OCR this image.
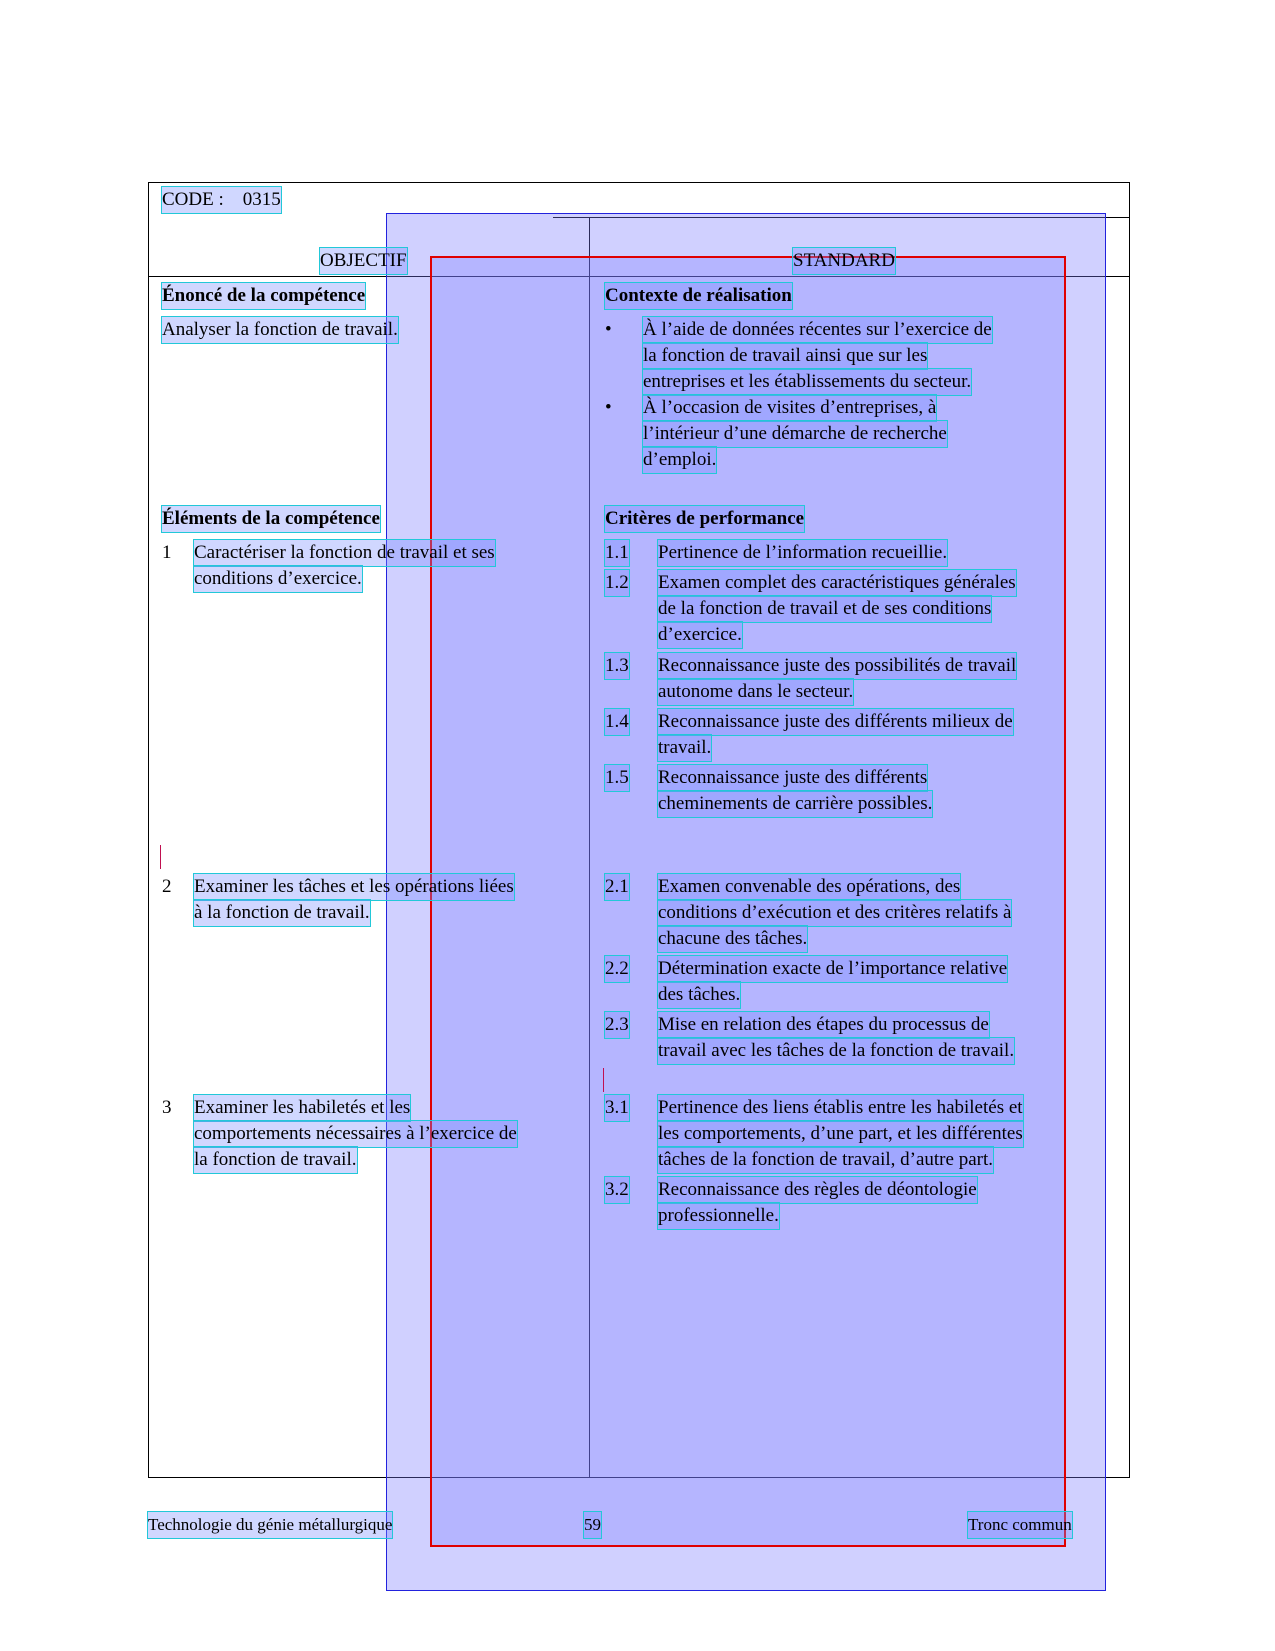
CODE : 0315
OBJECTIF	STANDARD
Énoncé de la compétence
Analyser la fonction de travail.
Éléments de la compétence
1 Caractériser la fonction de travail et ses
conditions d’exercice.
2 Examiner les tâches et les opérations liées
à la fonction de travail.
3 Examiner les habiletés et les
comportements nécessaires à l’exercice de
la fonction de travail.
Contexte de réalisation
• À l’aide de données récentes sur l’exercice de
la fonction de travail ainsi que sur les
entreprises et les établissements du secteur.
• À l’occasion de visites d’entreprises, à
l’intérieur d’une démarche de recherche
d’emploi.
Critères de performance
1.1 Pertinence de l’information recueillie.
1.2 Examen complet des caractéristiques générales
de la fonction de travail et de ses conditions
d’exercice.
1.3 Reconnaissance juste des possibilités de travail
autonome dans le secteur.
1.4 Reconnaissance juste des différents milieux de
travail.
1.5 Reconnaissance juste des différents
cheminements de carrière possibles.
2.1 Examen convenable des opérations, des
conditions d’exécution et des critères relatifs à
chacune des tâches.
2.2 Détermination exacte de l’importance relative
des tâches.
2.3 Mise en relation des étapes du processus de
travail avec les tâches de la fonction de travail.
3.1 Pertinence des liens établis entre les habiletés et
les comportements, d’une part, et les différentes
tâches de la fonction de travail, d’autre part.
3.2 Reconnaissance des règles de déontologie
professionnelle.
Technologie du génie métallurgique	59	Tronc commun
